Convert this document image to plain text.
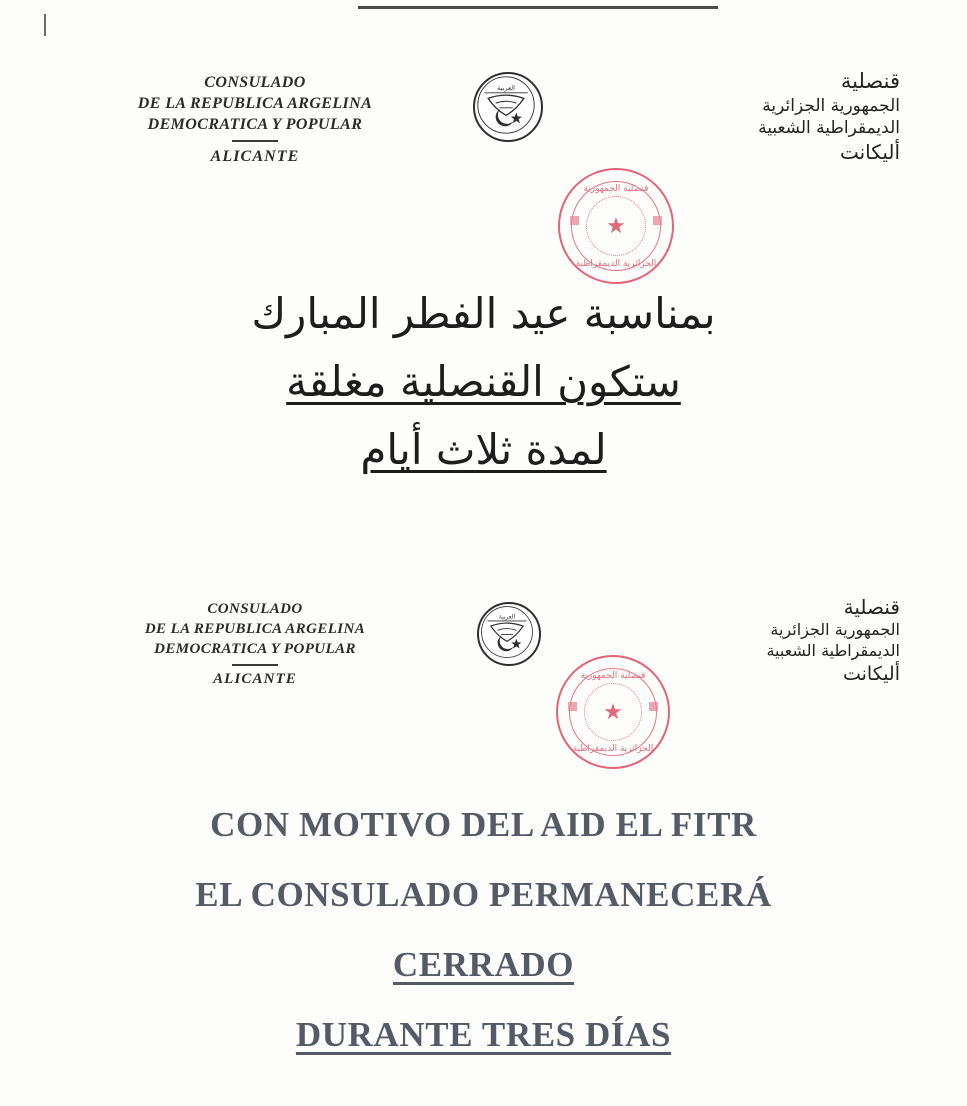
CONSULADO
DE LA REPUBLICA ARGELINA
DEMOCRATICA Y POPULAR
ALICANTE
العربية	قنصلية
الجمهورية الجزائرية
الديمقراطية الشعبية
أليكانت
قنصلية الجمهورية
الجزائرية الديمقراطية
★
بمناسبة عيد الفطر المبارك
ستكون القنصلية مغلقة
لمدة ثلاث أيام
CONSULADO
DE LA REPUBLICA ARGELINA
DEMOCRATICA Y POPULAR
ALICANTE
العربية	قنصلية
الجمهورية الجزائرية
الديمقراطية الشعبية
أليكانت
قنصلية الجمهورية
الجزائرية الديمقراطية
★
CON MOTIVO DEL AID EL FITR
EL CONSULADO PERMANECERÁ
CERRADO
DURANTE TRES DÍAS
